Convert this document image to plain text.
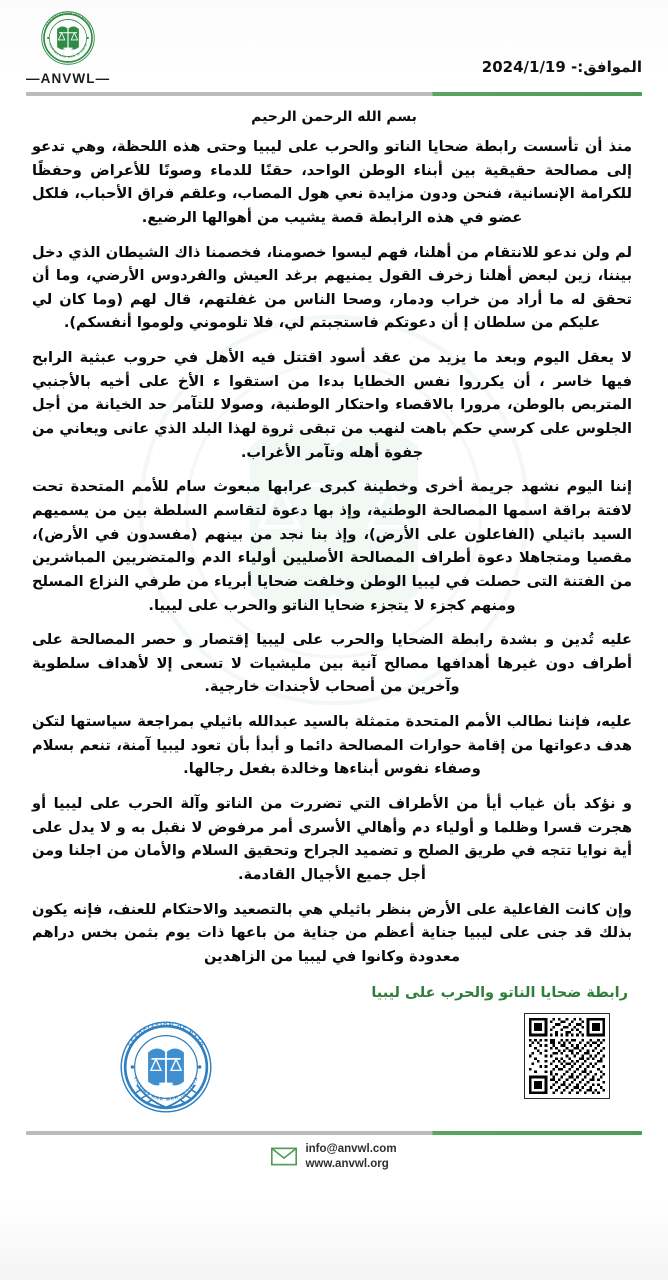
ASSOCIATION OF NATO
VICTIMS AND WAR IN LIBYA
—ANVWL—
الموافق:- 2024/1/19
بسم الله الرحمن الرحيم

منذ أن تأسست رابطة ضحايا الناتو والحرب على ليبيا وحتى هذه اللحظة، وهي تدعو إلى مصالحة حقيقية بين أبناء الوطن الواحد، حقنًا للدماء وصونًا للأعراض وحفظًا للكرامة الإنسانية، فنحن ودون مزايدة نعي هول المصاب، وعلقم فراق الأحباب، فلكل عضو في هذه الرابطة قصة يشيب من أهوالها الرضيع.

لم ولن ندعو للانتقام من أهلنا، فهم ليسوا خصومنا، فخصمنا ذاك الشيطان الذي دخل بيننا، زين لبعض أهلنا زخرف القول يمنيهم برغد العيش والفردوس الأرضي، وما أن تحقق له ما أراد من خراب ودمار، وصحا الناس من غفلتهم، قال لهم (وما كان لي عليكم من سلطان إ أن دعوتكم فاستجبتم لي، فلا تلوموني ولوموا أنفسكم).

لا يعقل اليوم وبعد ما يزيد من عقد أسود اقتتل فيه الأهل في حروب عبثية الرابح فيها خاسر ، أن يكرروا نفس الخطايا بدءا من استقوا ء الأخ على أخيه بالأجنبي المتربص بالوطن، مرورا بالاقصاء واحتكار الوطنية، وصولا للتآمر حد الخيانة من أجل الجلوس على كرسي حكم باهت لنهب من تبقى ثروة لهذا البلد الذي عانى ويعاني من جفوة أهله وتآمر الأغراب.

إننا اليوم نشهد جريمة أخرى وخطينة كبرى عرابها مبعوث سام للأمم المتحدة تحت لافتة براقة اسمها المصالحة الوطنية، وإذ بها دعوة لتقاسم السلطة بين من يسميهم السيد باثيلي (الفاعلون على الأرض)، وإذ بنا نجد من بينهم (مفسدون في الأرض)، مقصيا ومتجاهلا دعوة أطراف المصالحة الأصليين أولياء الدم والمتضريين المباشرين من الفتنة التى حصلت في ليبيا الوطن وخلفت ضحايا أبرياء من طرفي النزاع المسلح ومنهم كجزء لا يتجزء ضحايا الناتو والحرب على ليبيا.

عليه تُدين و بشدة رابطة الضحايا والحرب على ليبيا إقتصار و حصر المصالحة على أطراف دون غيرها أهدافها مصالح آنية بين مليشيات لا تسعى إلا لأهداف سلطوية وآخرين من أصحاب لأجندات خارجية.

عليه، فإننا نطالب الأمم المتحدة متمثلة بالسيد عبدالله باثيلي بمراجعة سياستها لتكن هدف دعواتها من إقامة حوارات المصالحة دائما و أبدأ بأن تعود ليبيا آمنة، تنعم بسلام وصفاء نفوس أبناءها وخالدة بفعل رجالها.

و نؤكد بأن غياب أيأ من الأطراف التي تضررت من الناتو وآلة الحرب على ليبيا أو هجرت قسرا وظلما و أولياء دم وأهالي الأسرى أمر مرفوض لا نقبل به و لا يدل على أية نوايا تتجه في طريق الصلح و تضميد الجراح وتحقيق السلام والأمان من اجلنا ومن أجل جميع الأجيال القادمة.

وإن كانت الفاعلية على الأرض بنظر باثيلي هي بالتصعيد والاحتكام للعنف، فإنه يكون بذلك قد جنى على ليبيا جناية أعظم من جناية من باعها ذات يوم بثمن بخس دراهم معدودة وكانوا في ليبيا من الزاهدين

رابطة ضحايا الناتو والحرب على ليبيا
ASSOCIATION OF NATO
VICTIMS AND WAR IN LIBYA
info@anvwl.com
www.anvwl.org
